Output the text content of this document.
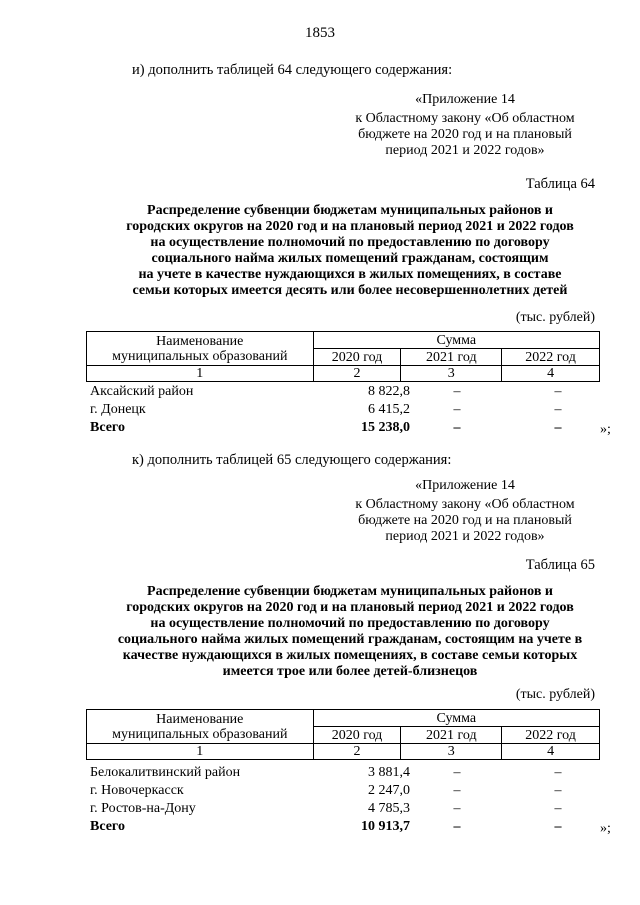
1853
и) дополнить таблицей 64 следующего содержания:
«Приложение 14
к Областному закону «Об областном
бюджете на 2020 год и на плановый
период 2021 и 2022 годов»
Таблица 64
Распределение субвенции бюджетам муниципальных районов и
городских округов на 2020 год и на плановый период 2021 и 2022 годов
на осуществление полномочий по предоставлению по договору
социального найма жилых помещений гражданам, состоящим
на учете в качестве нуждающихся в жилых помещениях, в составе
семьи которых имеется десять или более несовершеннолетних детей
(тыс. рублей)
Наименование
муниципальных образований	Сумма		
	2020 год	2021 год	2022 год
1	2	3	4
Аксайский район	8 822,8	–	–
г. Донецк	6 415,2	–	–
Всего	15 238,0	–	–	»;
к) дополнить таблицей 65 следующего содержания:
«Приложение 14
к Областному закону «Об областном
бюджете на 2020 год и на плановый
период 2021 и 2022 годов»
Таблица 65
Распределение субвенции бюджетам муниципальных районов и
городских округов на 2020 год и на плановый период 2021 и 2022 годов
на осуществление полномочий по предоставлению по договору
социального найма жилых помещений гражданам, состоящим на учете в
качестве нуждающихся в жилых помещениях, в составе семьи которых
имеется трое или более детей-близнецов
(тыс. рублей)
Наименование
муниципальных образований	Сумма		
	2020 год	2021 год	2022 год
1	2	3	4
Белокалитвинский район	3 881,4	–	–
г. Новочеркасск	2 247,0	–	–
г. Ростов-на-Дону	4 785,3	–	–
Всего	10 913,7	–	–	»;
